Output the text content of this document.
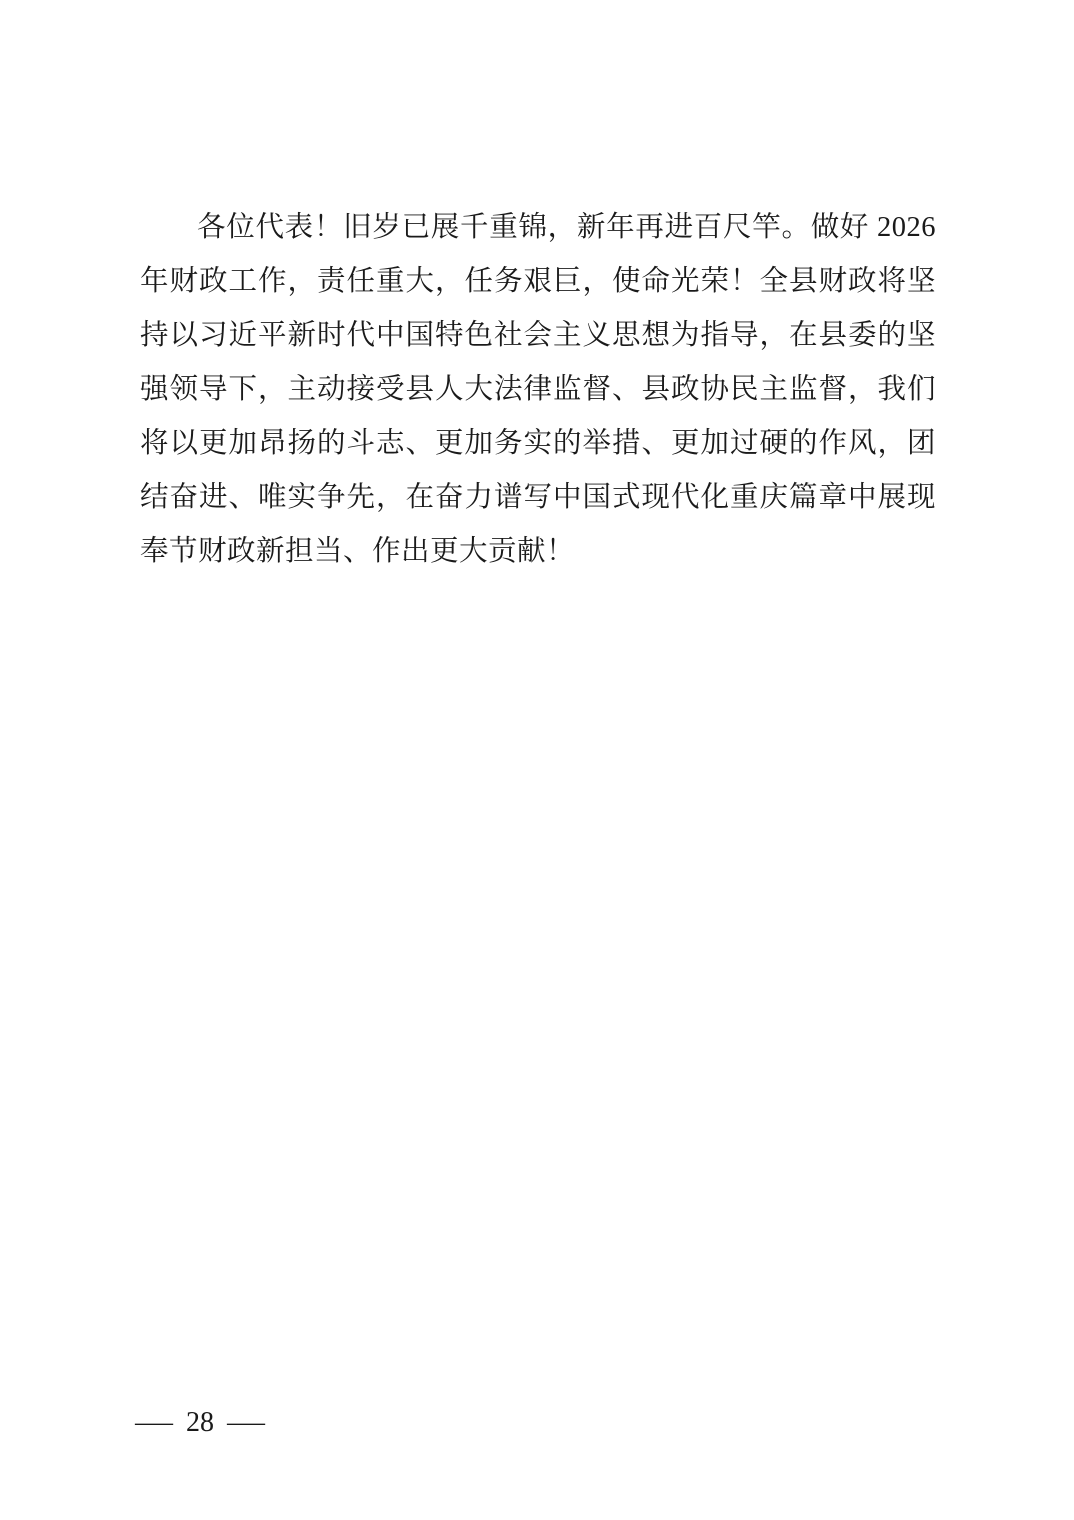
各位代表！旧岁已展千重锦，新年再进百尺竿。做好 2026 年财政工作，责任重大，任务艰巨，使命光荣！全县财政将坚持以习近平新时代中国特色社会主义思想为指导，在县委的坚强领导下，主动接受县人大法律监督、县政协民主监督，我们将以更加昂扬的斗志、更加务实的举措、更加过硬的作风，团结奋进、唯实争先，在奋力谱写中国式现代化重庆篇章中展现奉节财政新担当、作出更大贡献！

— 28 —
